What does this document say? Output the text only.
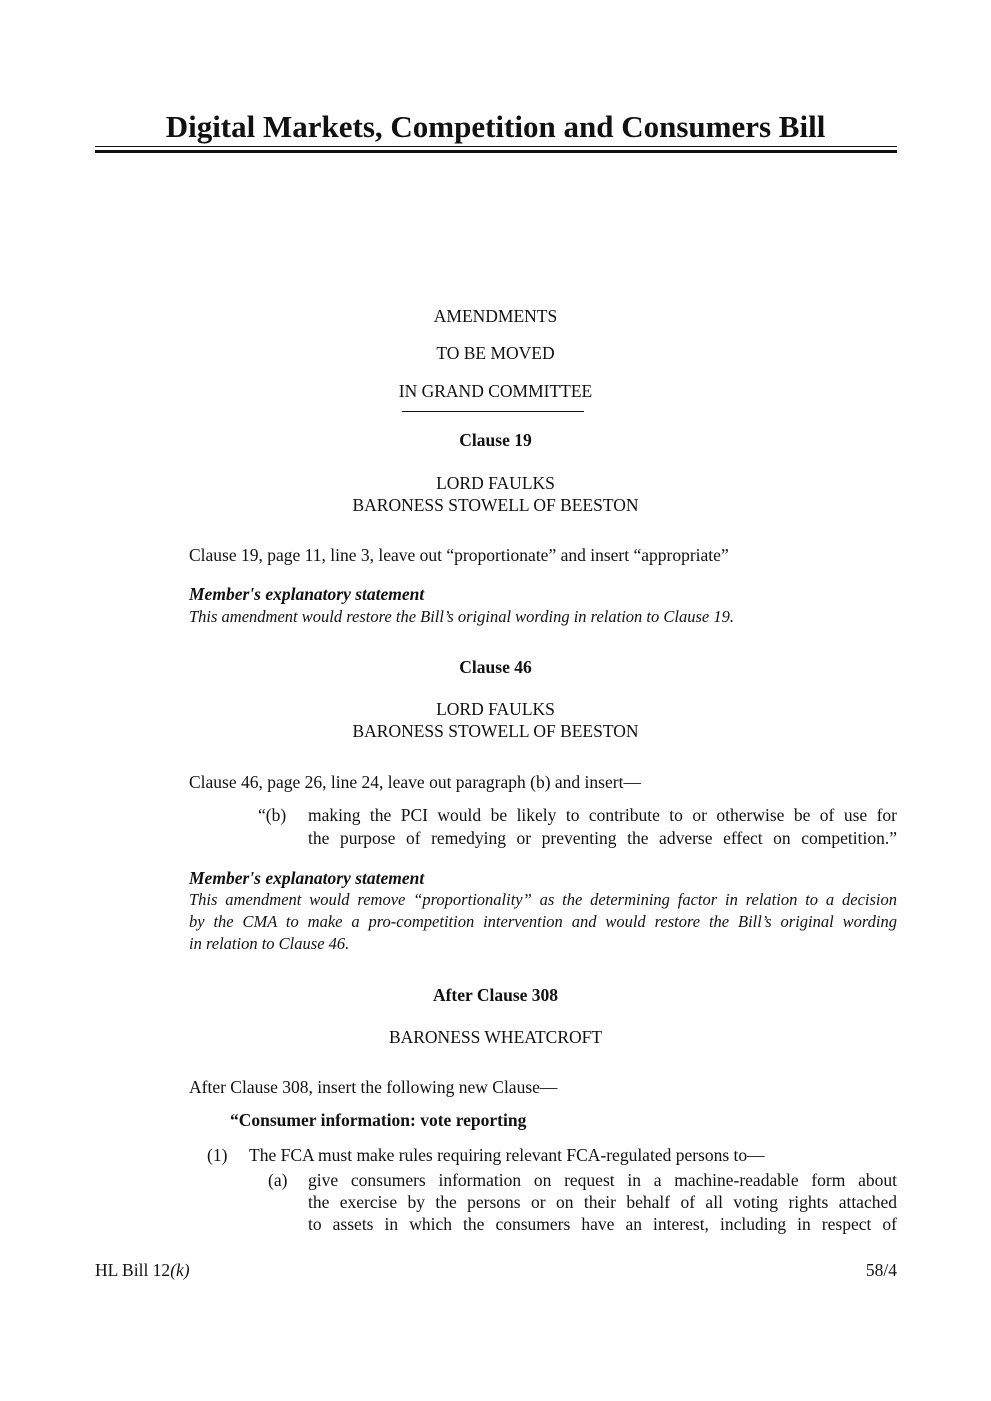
Digital Markets, Competition and Consumers Bill
AMENDMENTS
TO BE MOVED
IN GRAND COMMITTEE
Clause 19
LORD FAULKS
BARONESS STOWELL OF BEESTON
Clause 19, page 11, line 3, leave out “proportionate” and insert “appropriate”
Member's explanatory statement
This amendment would restore the Bill’s original wording in relation to Clause 19.
Clause 46
LORD FAULKS
BARONESS STOWELL OF BEESTON
Clause 46, page 26, line 24, leave out paragraph (b) and insert—
“(b) making the PCI would be likely to contribute to or otherwise be of use for
the purpose of remedying or preventing the adverse effect on competition.”
Member's explanatory statement
This amendment would remove “proportionality” as the determining factor in relation to a decision
by the CMA to make a pro-competition intervention and would restore the Bill’s original wording
in relation to Clause 46.
After Clause 308
BARONESS WHEATCROFT
After Clause 308, insert the following new Clause—
“Consumer information: vote reporting
(1) The FCA must make rules requiring relevant FCA-regulated persons to—
(a) give consumers information on request in a machine-readable form about
the exercise by the persons or on their behalf of all voting rights attached
to assets in which the consumers have an interest, including in respect of
HL Bill 12(k)	58/4
